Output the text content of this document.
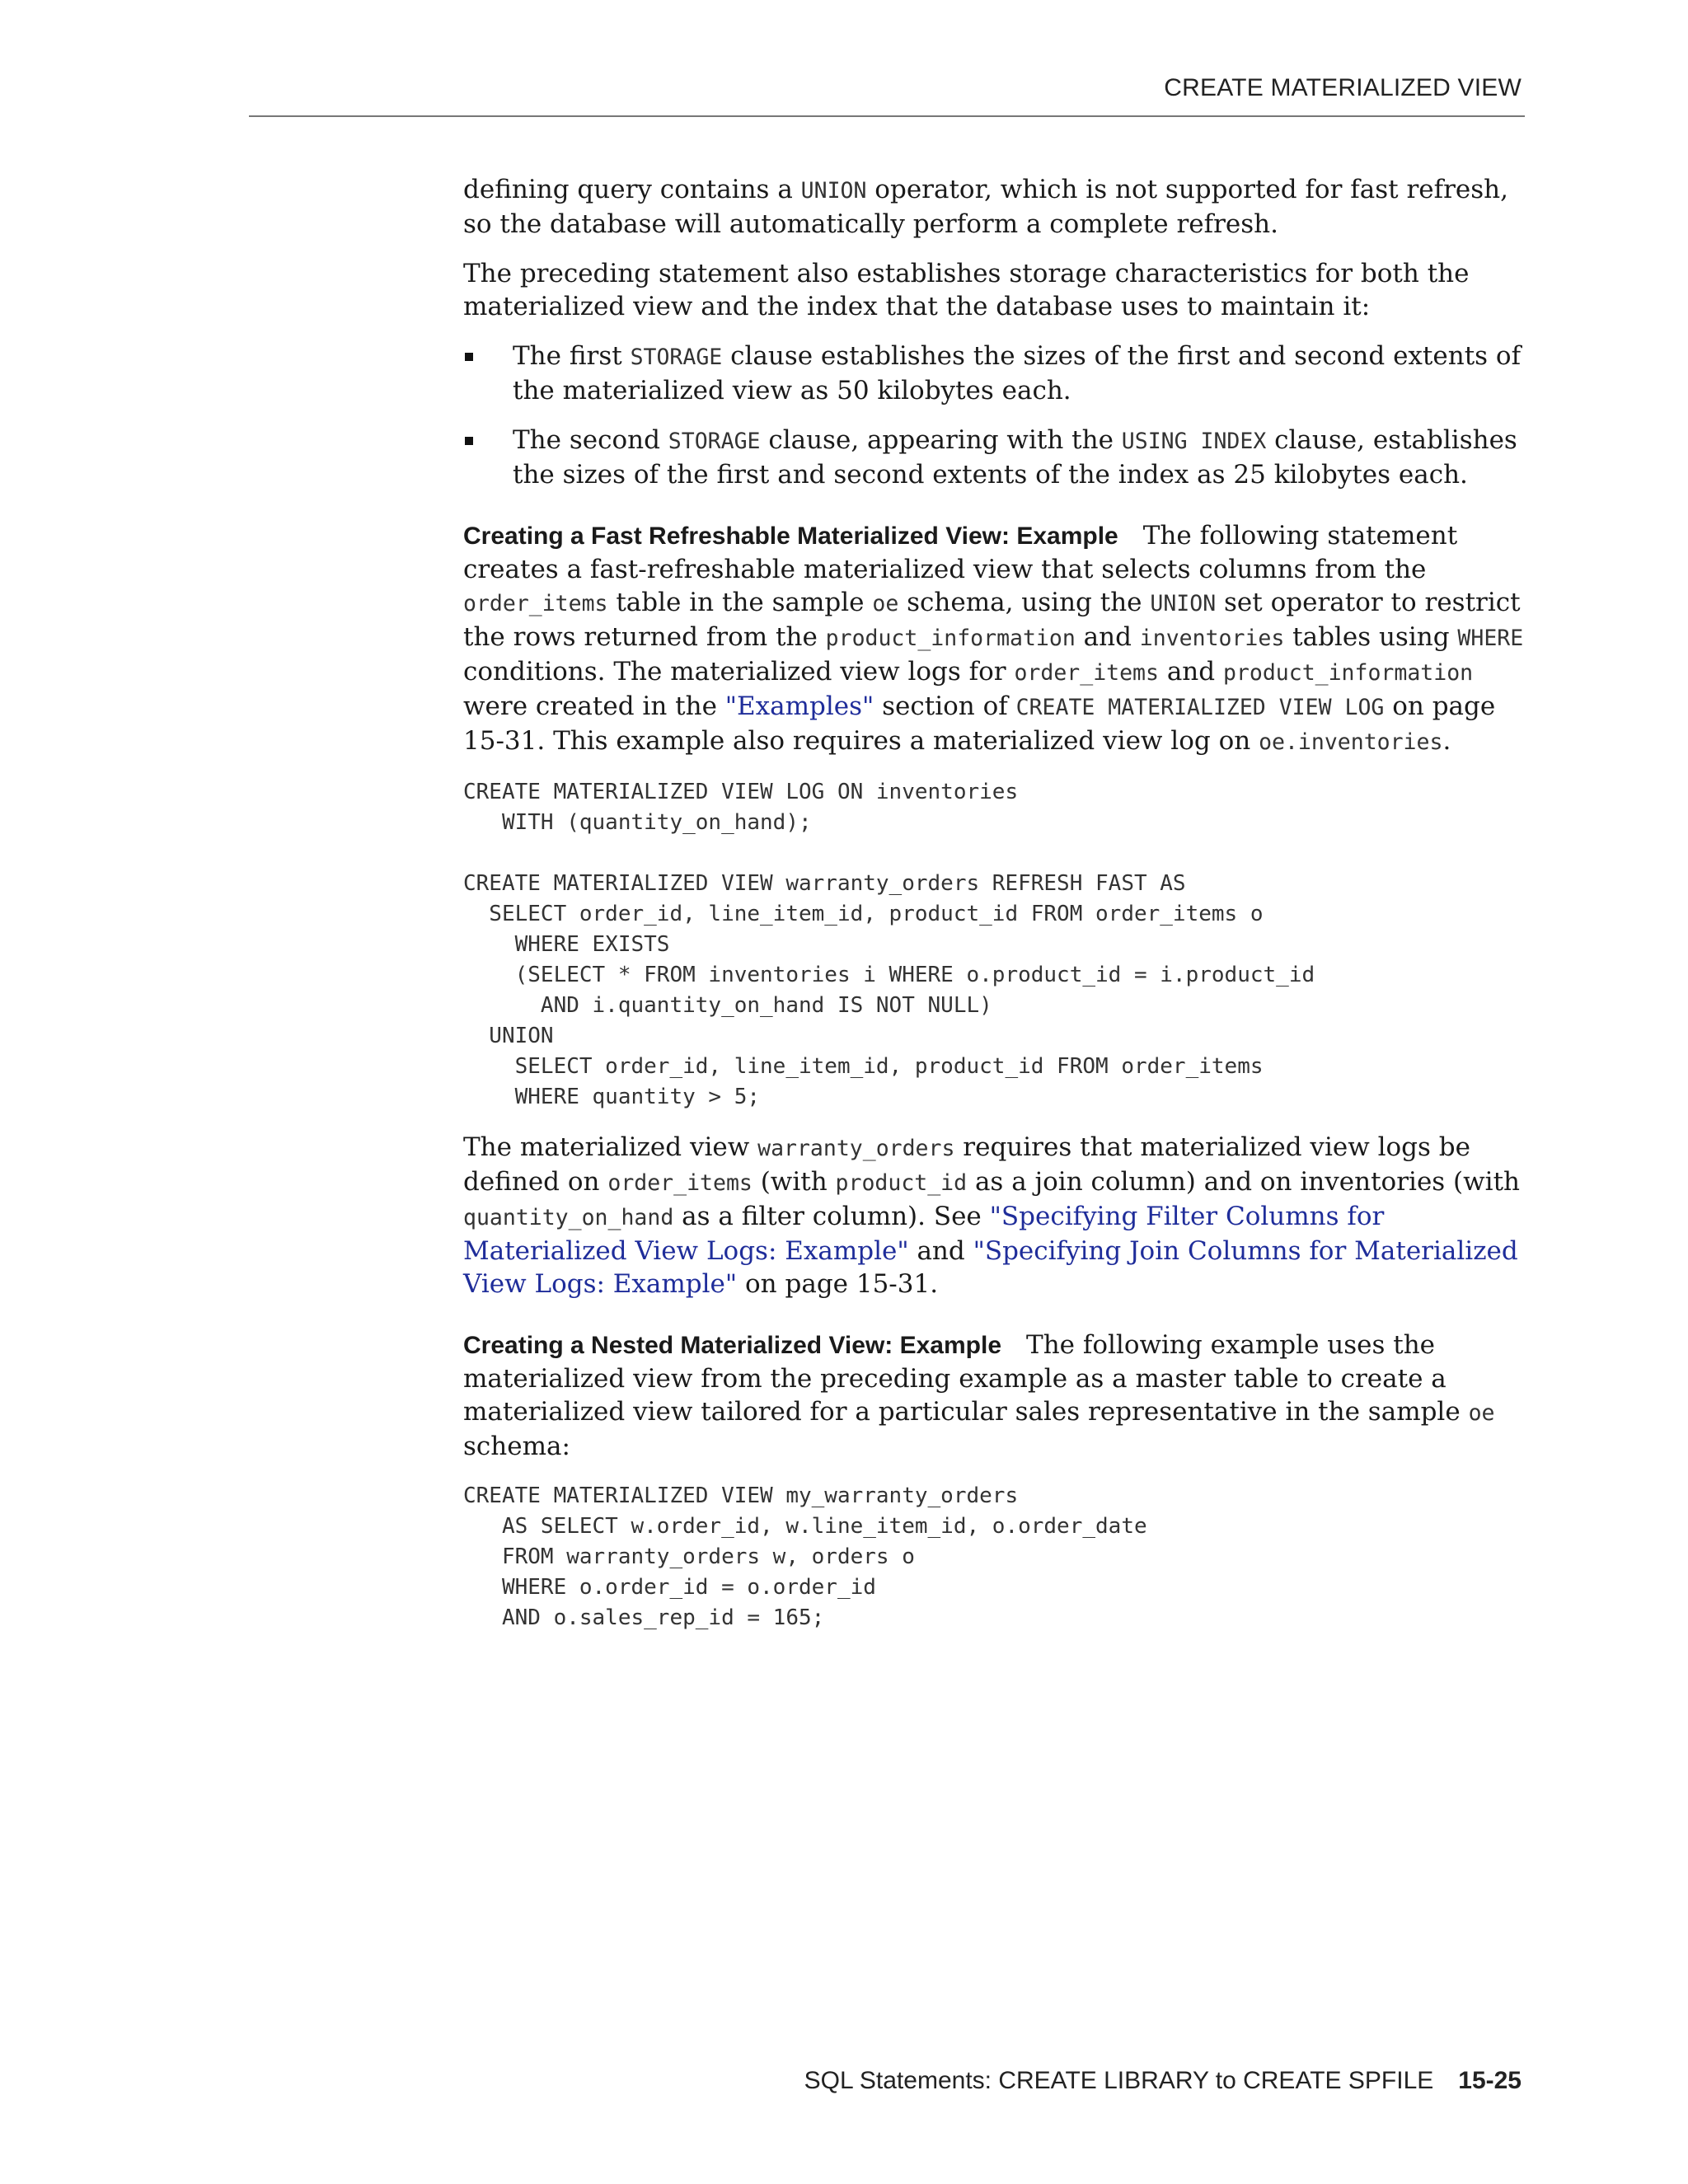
CREATE MATERIALIZED VIEW

defining query contains a UNION operator, which is not supported for fast refresh, so the database will automatically perform a complete refresh.

The preceding statement also establishes storage characteristics for both the materialized view and the index that the database uses to maintain it:

The first STORAGE clause establishes the sizes of the first and second extents of the materialized view as 50 kilobytes each.
The second STORAGE clause, appearing with the USING INDEX clause, establishes the sizes of the first and second extents of the index as 25 kilobytes each.

Creating a Fast Refreshable Materialized View: Example The following statement creates a fast-refreshable materialized view that selects columns from the order_items table in the sample oe schema, using the UNION set operator to restrict the rows returned from the product_information and inventories tables using WHERE conditions. The materialized view logs for order_items and product_information were created in the "Examples" section of CREATE MATERIALIZED VIEW LOG on page 15-31. This example also requires a materialized view log on oe.inventories.

CREATE MATERIALIZED VIEW LOG ON inventories
WITH (quantity_on_hand);

CREATE MATERIALIZED VIEW warranty_orders REFRESH FAST AS
SELECT order_id, line_item_id, product_id FROM order_items o
WHERE EXISTS
(SELECT * FROM inventories i WHERE o.product_id = i.product_id
AND i.quantity_on_hand IS NOT NULL)
UNION
SELECT order_id, line_item_id, product_id FROM order_items
WHERE quantity > 5;

The materialized view warranty_orders requires that materialized view logs be defined on order_items (with product_id as a join column) and on inventories (with quantity_on_hand as a filter column). See "Specifying Filter Columns for Materialized View Logs: Example" and "Specifying Join Columns for Materialized View Logs: Example" on page 15-31.

Creating a Nested Materialized View: Example The following example uses the materialized view from the preceding example as a master table to create a materialized view tailored for a particular sales representative in the sample oe schema:

CREATE MATERIALIZED VIEW my_warranty_orders
AS SELECT w.order_id, w.line_item_id, o.order_date
FROM warranty_orders w, orders o
WHERE o.order_id = o.order_id
AND o.sales_rep_id = 165;
SQL Statements: CREATE LIBRARY to CREATE SPFILE 15-25
